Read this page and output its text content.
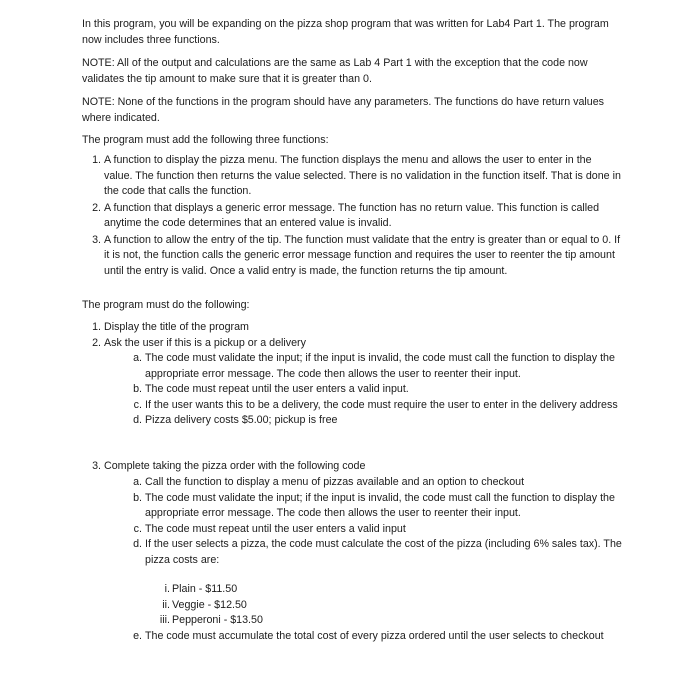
In this program, you will be expanding on the pizza shop program that was written for Lab4 Part 1. The program now includes three functions.

NOTE: All of the output and calculations are the same as Lab 4 Part 1 with the exception that the code now validates the tip amount to make sure that it is greater than 0.

NOTE: None of the functions in the program should have any parameters. The functions do have return values where indicated.

The program must add the following three functions:

1. A function to display the pizza menu. The function displays the menu and allows the user to enter in the value. The function then returns the value selected. There is no validation in the function itself. That is done in the code that calls the function.
2. A function that displays a generic error message. The function has no return value. This function is called anytime the code determines that an entered value is invalid.
3. A function to allow the entry of the tip. The function must validate that the entry is greater than or equal to 0. If it is not, the function calls the generic error message function and requires the user to reenter the tip amount until the entry is valid. Once a valid entry is made, the function returns the tip amount.

The program must do the following:

1. Display the title of the program
2. Ask the user if this is a pickup or a delivery
a. The code must validate the input; if the input is invalid, the code must call the function to display the appropriate error message. The code then allows the user to reenter their input.
b. The code must repeat until the user enters a valid input.
c. If the user wants this to be a delivery, the code must require the user to enter in the delivery address
d. Pizza delivery costs $5.00; pickup is free
3. Complete taking the pizza order with the following code
a. Call the function to display a menu of pizzas available and an option to checkout
b. The code must validate the input; if the input is invalid, the code must call the function to display the appropriate error message. The code then allows the user to reenter their input.
c. The code must repeat until the user enters a valid input
d. If the user selects a pizza, the code must calculate the cost of the pizza (including 6% sales tax). The pizza costs are:
i. Plain - $11.50
ii. Veggie - $12.50
iii. Pepperoni - $13.50
e. The code must accumulate the total cost of every pizza ordered until the user selects to checkout
